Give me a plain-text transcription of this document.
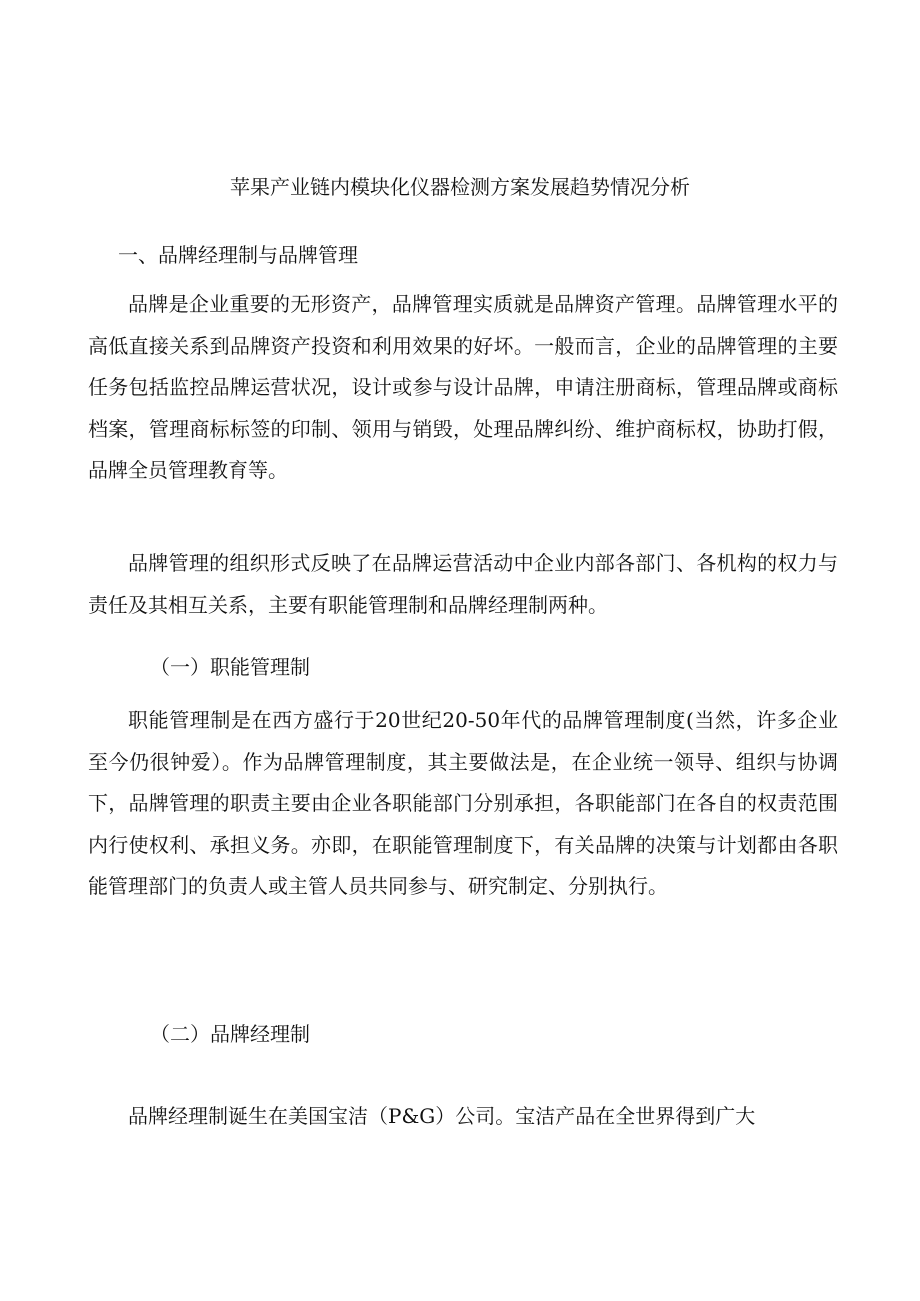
苹果产业链内模块化仪器检测方案发展趋势情况分析
一、品牌经理制与品牌管理
品牌是企业重要的无形资产，品牌管理实质就是品牌资产管理。品牌管理水平的高低直接关系到品牌资产投资和利用效果的好坏。一般而言，企业的品牌管理的主要任务包括监控品牌运营状况，设计或参与设计品牌，申请注册商标，管理品牌或商标档案，管理商标标签的印制、领用与销毁，处理品牌纠纷、维护商标权，协助打假，品牌全员管理教育等。
品牌管理的组织形式反映了在品牌运营活动中企业内部各部门、各机构的权力与责任及其相互关系，主要有职能管理制和品牌经理制两种。
（一）职能管理制
职能管理制是在西方盛行于20世纪20-50年代的品牌管理制度(当然，许多企业至今仍很钟爱）。作为品牌管理制度，其主要做法是，在企业统一领导、组织与协调下，品牌管理的职责主要由企业各职能部门分别承担，各职能部门在各自的权责范围内行使权利、承担义务。亦即，在职能管理制度下，有关品牌的决策与计划都由各职能管理部门的负责人或主管人员共同参与、研究制定、分别执行。
（二）品牌经理制
品牌经理制诞生在美国宝洁（P&G）公司。宝洁产品在全世界得到广大
